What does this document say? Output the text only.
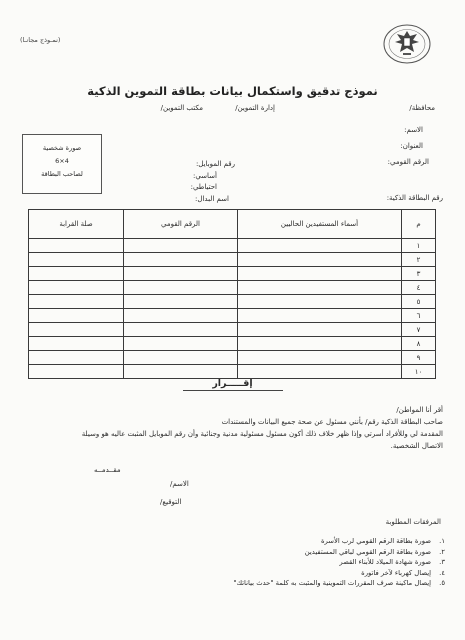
(نمـوذج مجانـا)
نموذج تدقيق واستكمال بيانات بطاقة التموين الذكية
محافظة/
إدارة التموين/
مكتب التموين/
الاسم:
العنوان:
الرقم القومي:
رقم الموبايل:
أساسي:
احتياطي:
اسم البدال:	رقم البطاقة الذكية:
صورة شخصية
6×4
لصاحب البطاقة
صلة القرابة	الرقم القومي	أسماء المستفيدين الحاليين	م
			١
			٢
			٣
			٤
			٥
			٦
			٧
			٨
			٩
			١٠
إقـــــرار
أقر أنا المواطن/
صاحب البطاقة الذكية رقم/ بأنني مسئول عن صحة جميع البيانات والمستندات
المقدمة لي وللأفراد أسرتي وإذا ظهر خلاف ذلك أكون مسئول مسئولية مدنية وجنائية وأن رقم الموبايل المثبت عاليه هو وسيلة
الاتصال الشخصية.
مقــدمــه
الاسم/
التوقيع/
المرفقات المطلوبة
١.صورة بطاقة الرقم القومي لرب الأسرة
٢.صورة بطاقة الرقم القومي لباقي المستفيدين
٣.صورة شهادة الميلاد للأبناء القصر
٤.إيصال كهرباء لآخر فاتورة
٥.إيصال ماكينة صرف المقررات التموينية والمثبت به كلمة "حدث بياناتك"
